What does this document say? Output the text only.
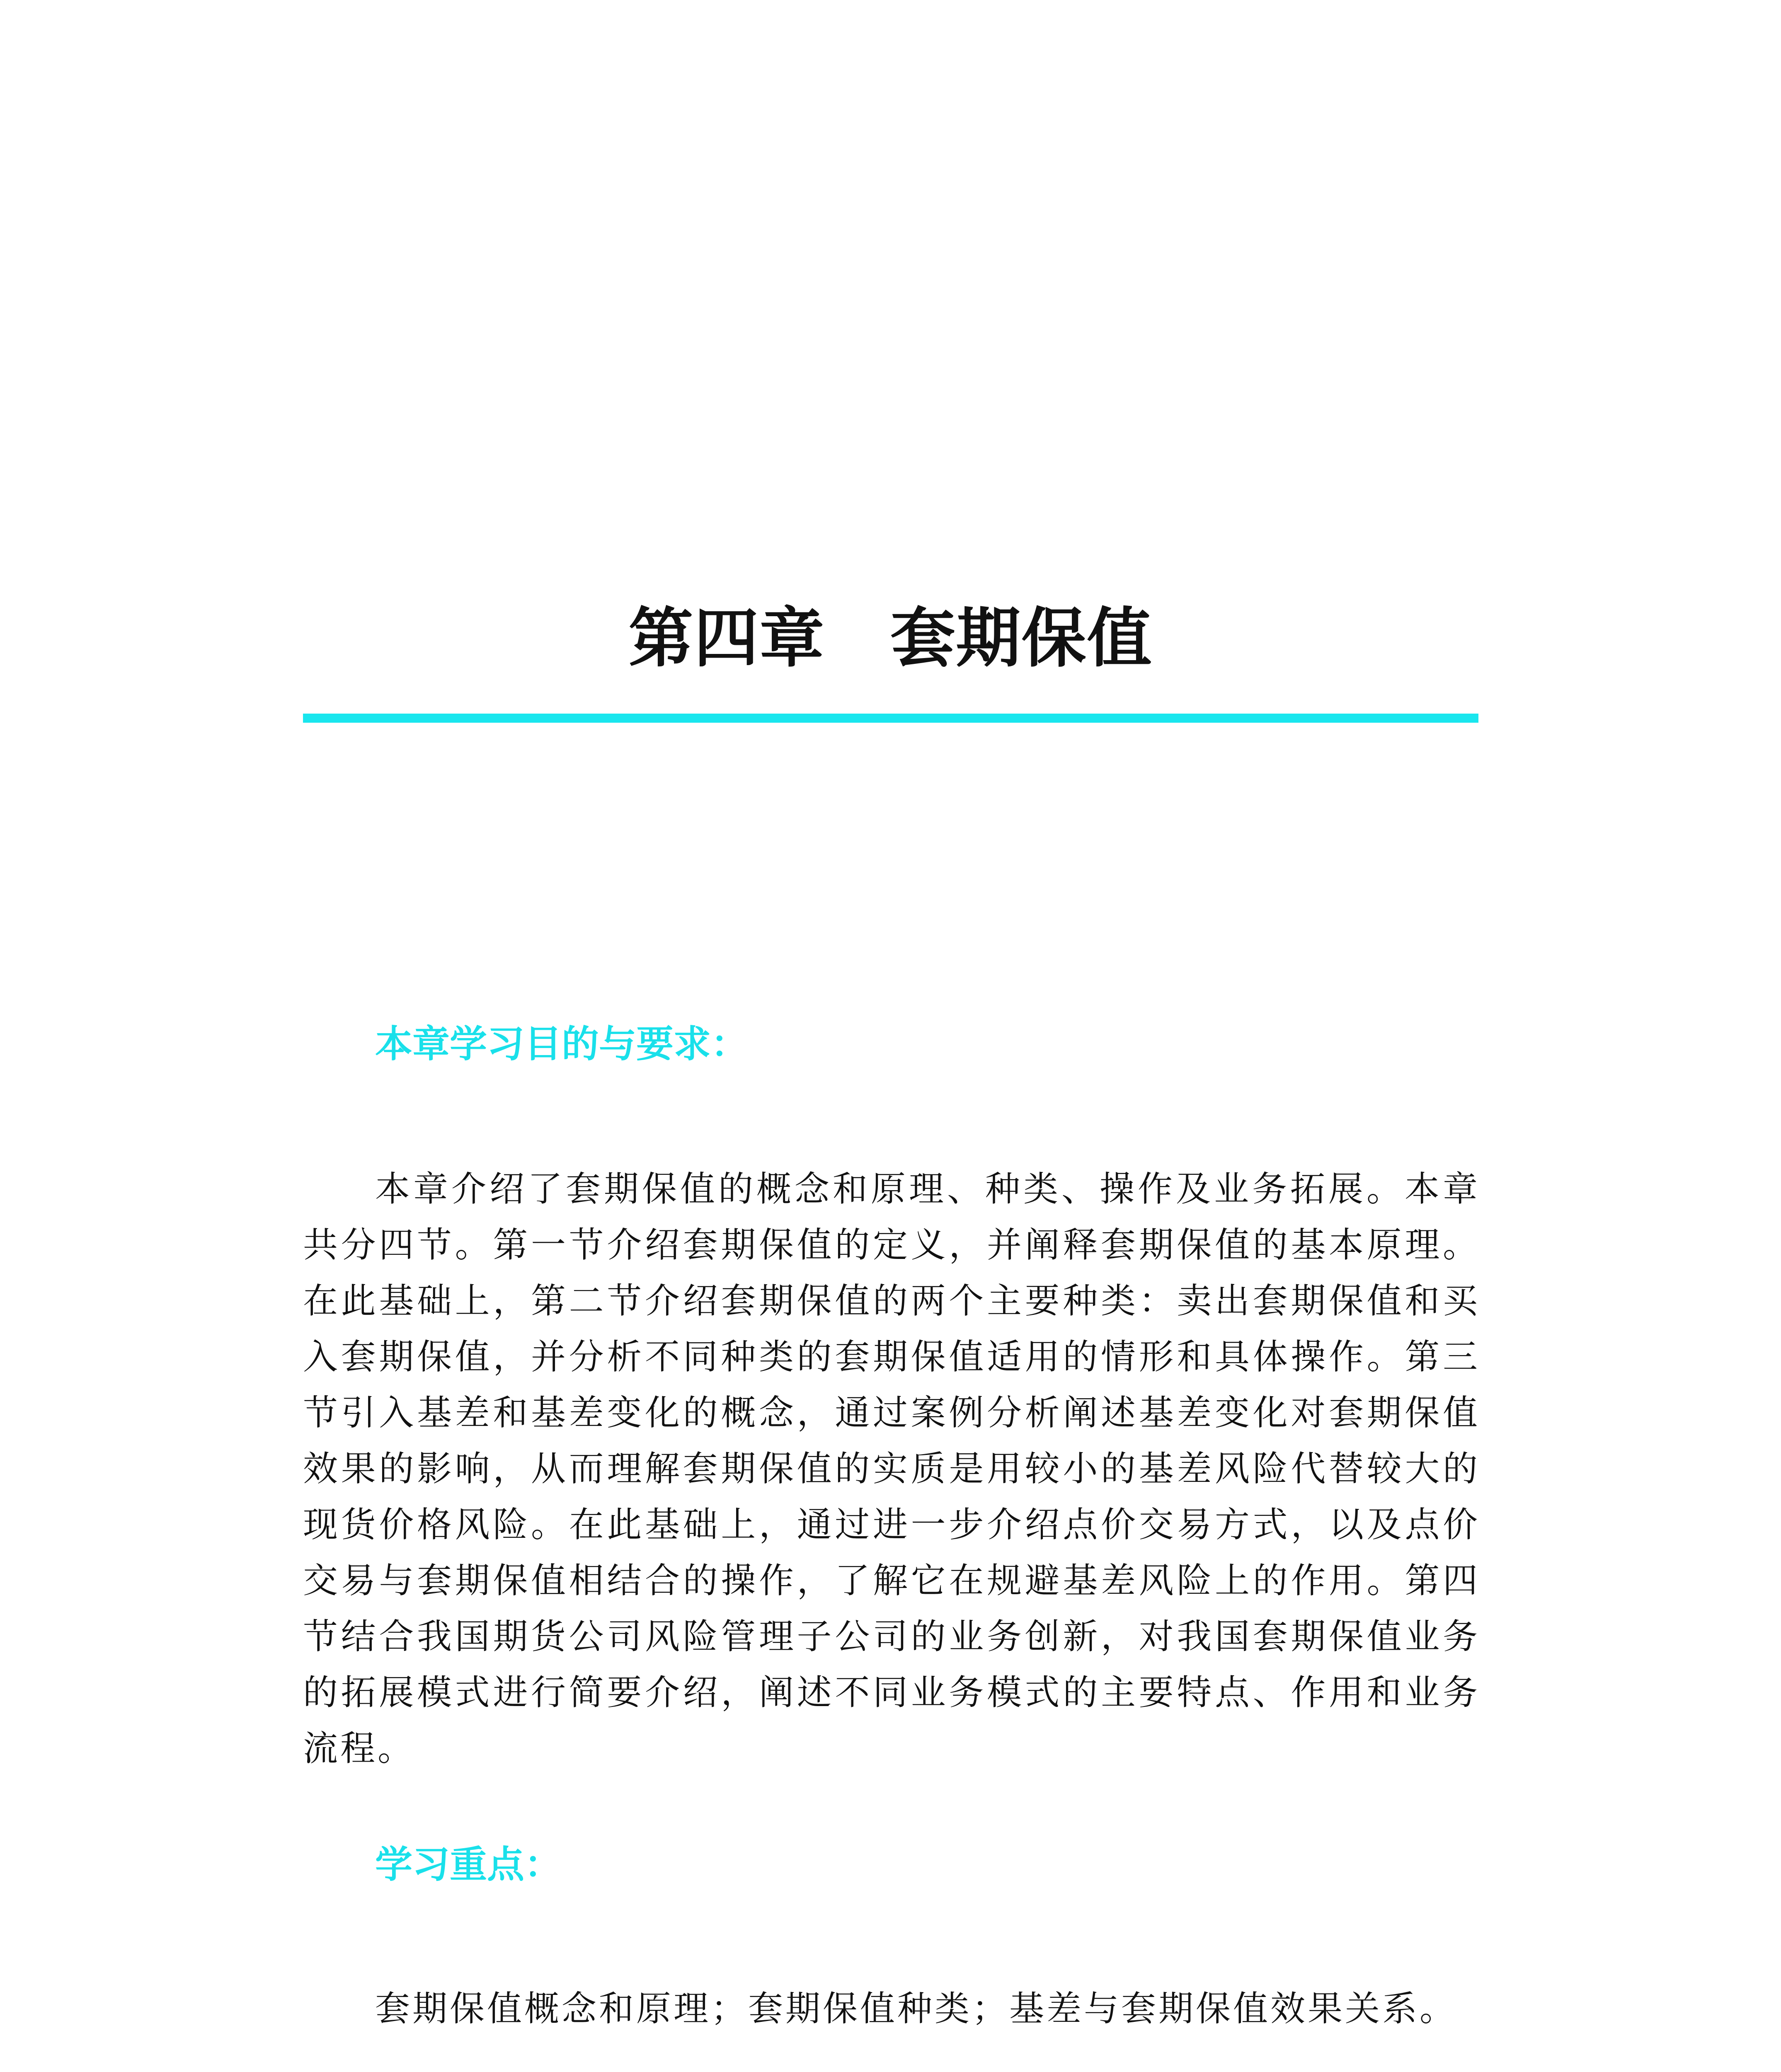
第四章　套期保值
本章学习目的与要求：

本章介绍了套期保值的概念和原理、种类、操作及业务拓展。本章共分四节。第一节介绍套期保值的定义，并阐释套期保值的基本原理。在此基础上，第二节介绍套期保值的两个主要种类：卖出套期保值和买入套期保值，并分析不同种类的套期保值适用的情形和具体操作。第三节引入基差和基差变化的概念，通过案例分析阐述基差变化对套期保值效果的影响，从而理解套期保值的实质是用较小的基差风险代替较大的现货价格风险。在此基础上，通过进一步介绍点价交易方式，以及点价交易与套期保值相结合的操作，了解它在规避基差风险上的作用。第四节结合我国期货公司风险管理子公司的业务创新，对我国套期保值业务的拓展模式进行简要介绍，阐述不同业务模式的主要特点、作用和业务流程。

学习重点：

套期保值概念和原理；套期保值种类；基差与套期保值效果关系。
